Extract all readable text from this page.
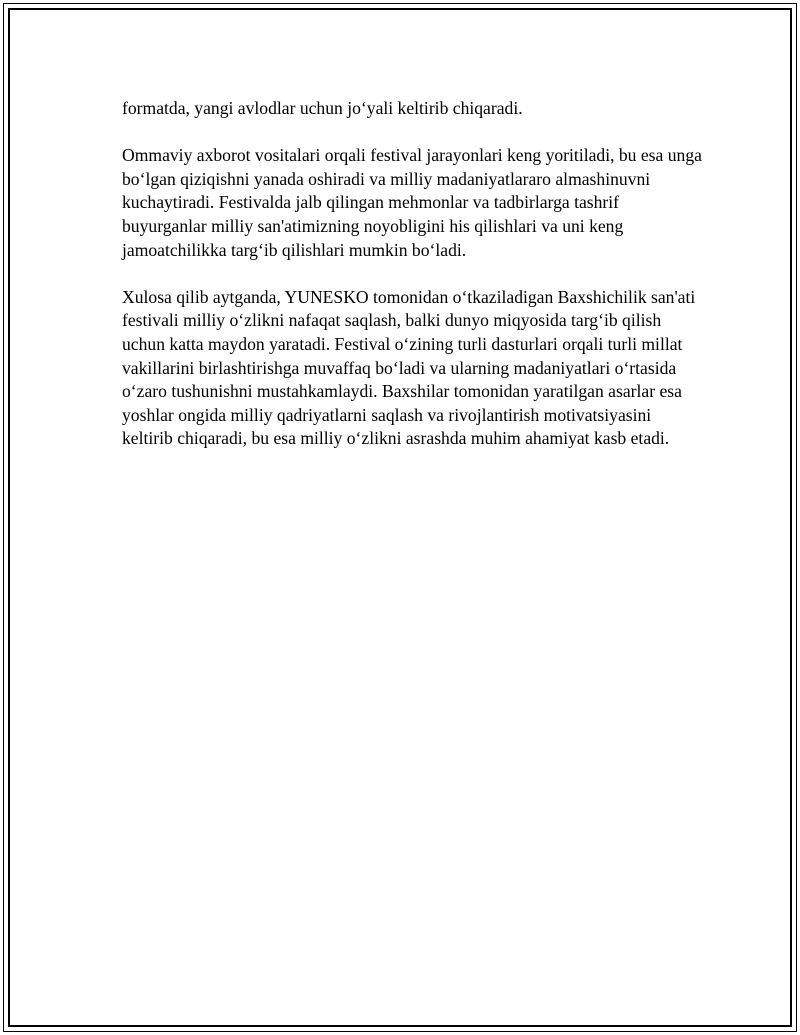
formatda, yangi avlodlar uchun jo‘yali keltirib chiqaradi.

Ommaviy axborot vositalari orqali festival jarayonlari keng yoritiladi, bu esa unga bo‘lgan qiziqishni yanada oshiradi va milliy madaniyatlararo almashinuvni kuchaytiradi. Festivalda jalb qilingan mehmonlar va tadbirlarga tashrif buyurganlar milliy san'atimizning noyobligini his qilishlari va uni keng jamoatchilikka targ‘ib qilishlari mumkin bo‘ladi.

Xulosa qilib aytganda, YUNESKO tomonidan o‘tkaziladigan Baxshichilik san'ati festivali milliy o‘zlikni nafaqat saqlash, balki dunyo miqyosida targ‘ib qilish uchun katta maydon yaratadi. Festival o‘zining turli dasturlari orqali turli millat vakillarini birlashtirishga muvaffaq bo‘ladi va ularning madaniyatlari o‘rtasida o‘zaro tushunishni mustahkamlaydi. Baxshilar tomonidan yaratilgan asarlar esa yoshlar ongida milliy qadriyatlarni saqlash va rivojlantirish motivatsiyasini keltirib chiqaradi, bu esa milliy o‘zlikni asrashda muhim ahamiyat kasb etadi.
